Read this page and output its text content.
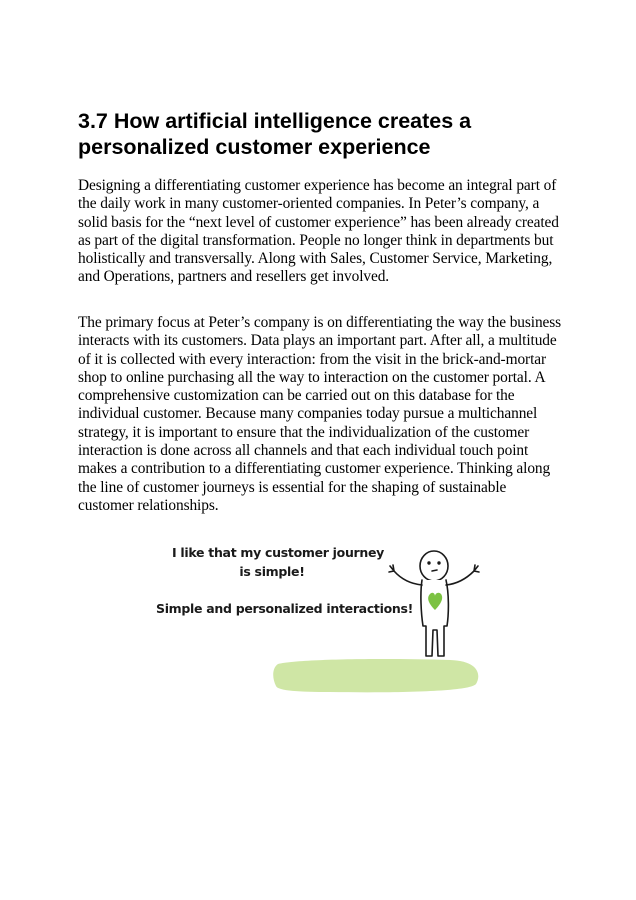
3.7 How artificial intelligence creates a personalized customer experience

Designing a differentiating customer experience has become an integral part of the daily work in many customer-oriented companies. In Peter’s company, a solid basis for the “next level of customer experience” has been already created as part of the digital transformation. People no longer think in departments but holistically and transversally. Along with Sales, Customer Service, Marketing, and Operations, partners and resellers get involved.

The primary focus at Peter’s company is on differentiating the way the business interacts with its customers. Data plays an important part. After all, a multitude of it is collected with every interaction: from the visit in the brick-and-mortar shop to online purchasing all the way to interaction on the customer portal. A comprehensive customization can be carried out on this database for the individual customer. Because many companies today pursue a multichannel strategy, it is important to ensure that the individualization of the customer interaction is done across all channels and that each individual touch point makes a contribution to a differentiating customer experience. Thinking along the line of customer journeys is essential for the shaping of sustainable customer relationships.

I like that my customer journey
is simple!
Simple and personalized interactions!
